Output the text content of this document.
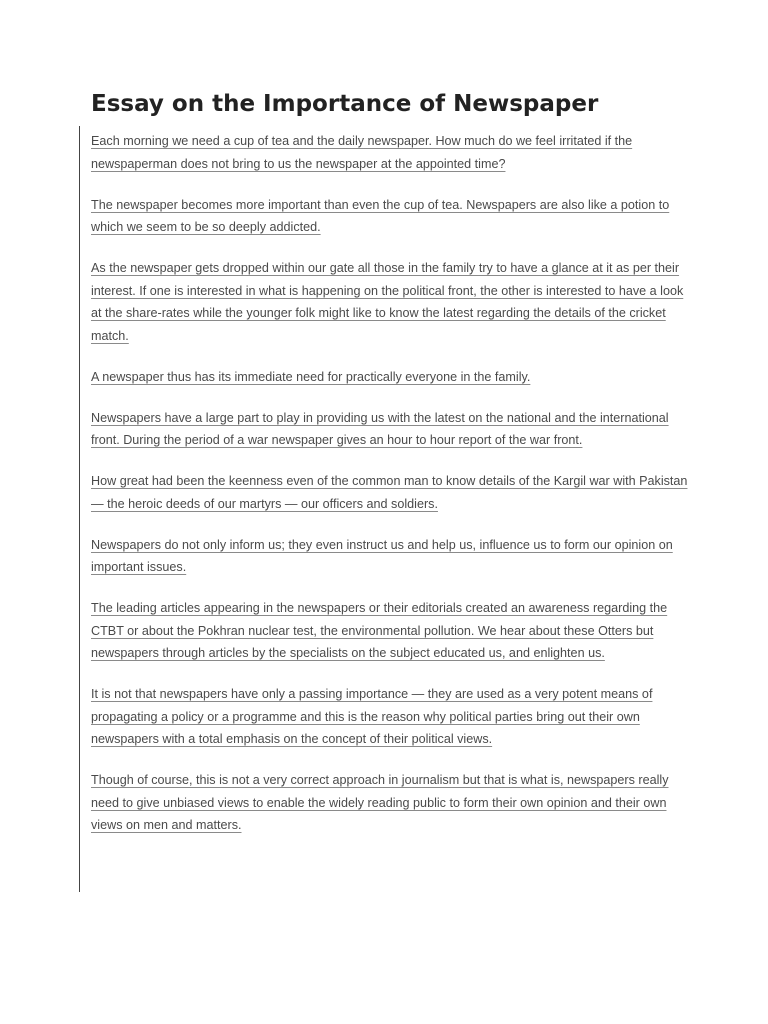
Essay on the Importance of Newspaper

Each morning we need a cup of tea and the daily newspaper. How much do we feel irritated if the newspaperman does not bring to us the newspaper at the appointed time?

The newspaper becomes more important than even the cup of tea. Newspapers are also like a potion to which we seem to be so deeply addicted.

As the newspaper gets dropped within our gate all those in the family try to have a glance at it as per their interest. If one is interested in what is happening on the political front, the other is interested to have a look at the share-rates while the younger folk might like to know the latest regarding the details of the cricket match.

A newspaper thus has its immediate need for practically everyone in the family.

Newspapers have a large part to play in providing us with the latest on the national and the international front. During the period of a war newspaper gives an hour to hour report of the war front.

How great had been the keenness even of the common man to know details of the Kargil war with Pakistan — the heroic deeds of our martyrs — our officers and soldiers.

Newspapers do not only inform us; they even instruct us and help us, influence us to form our opinion on important issues.

The leading articles appearing in the newspapers or their editorials created an awareness regarding the CTBT or about the Pokhran nuclear test, the environmental pollution. We hear about these Otters but newspapers through articles by the specialists on the subject educated us, and enlighten us.

It is not that newspapers have only a passing importance — they are used as a very potent means of propagating a policy or a programme and this is the reason why political parties bring out their own newspapers with a total emphasis on the concept of their political views.

Though of course, this is not a very correct approach in journalism but that is what is, newspapers really need to give unbiased views to enable the widely reading public to form their own opinion and their own views on men and matters.
